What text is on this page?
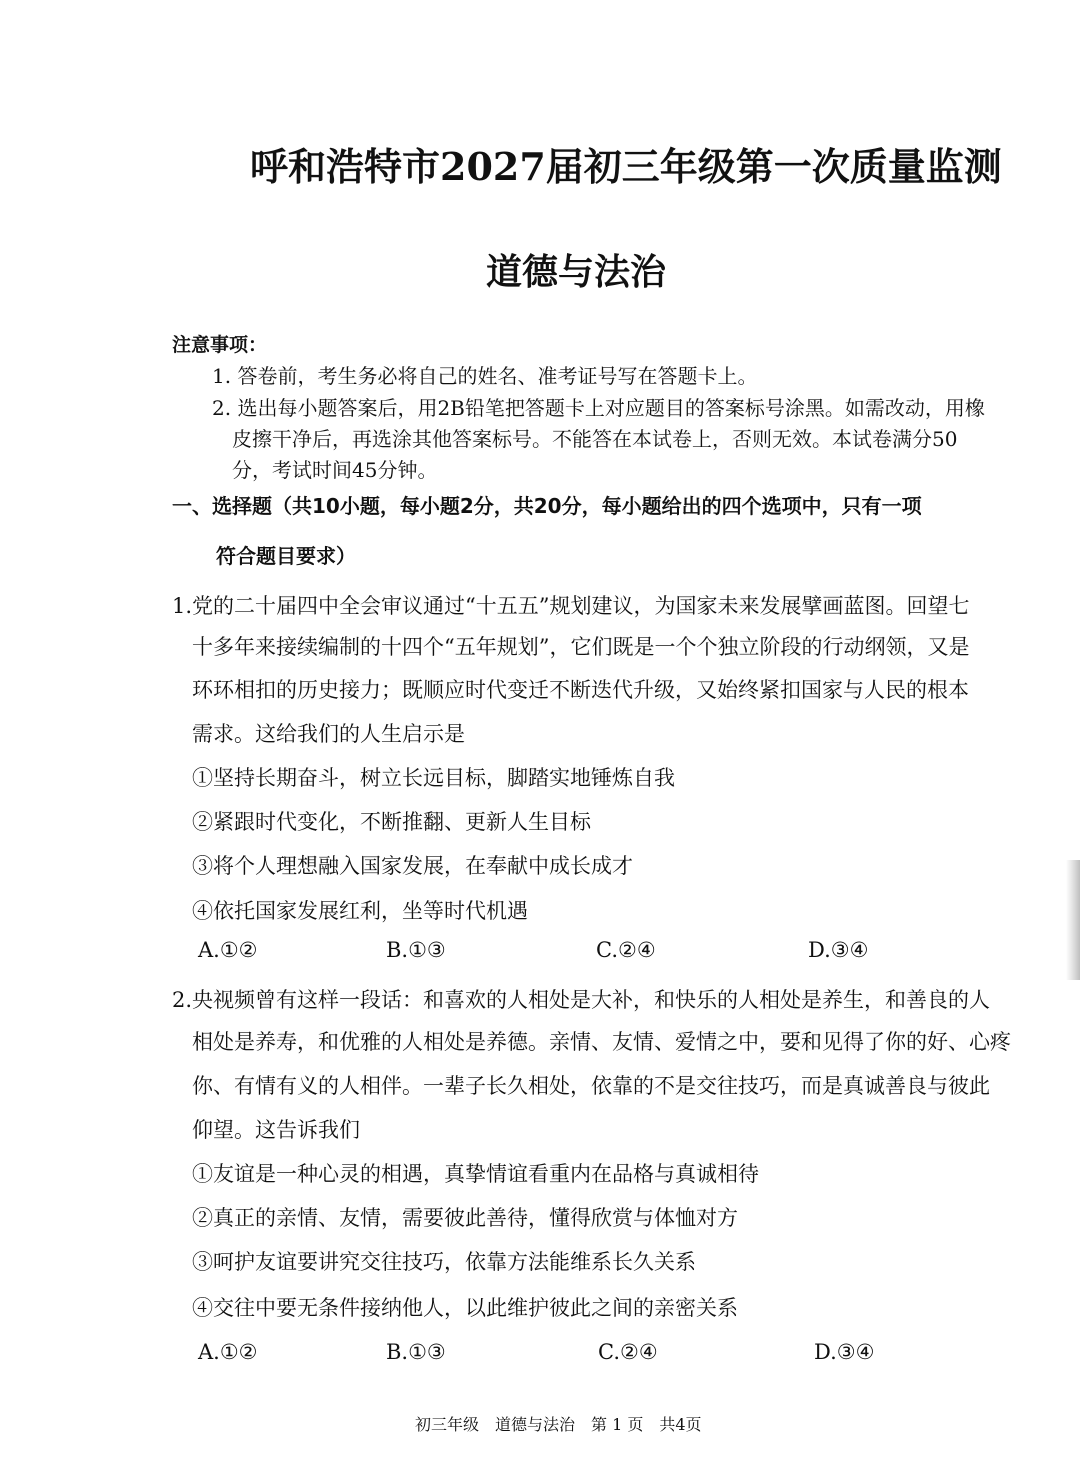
呼和浩特市2027届初三年级第一次质量监测
道德与法治
注意事项：
1. 答卷前，考生务必将自己的姓名、准考证号写在答题卡上。
2. 选出每小题答案后，用2B铅笔把答题卡上对应题目的答案标号涂黑。如需改动，用橡
皮擦干净后，再选涂其他答案标号。不能答在本试卷上，否则无效。本试卷满分50
分，考试时间45分钟。
一、选择题（共10小题，每小题2分，共20分，每小题给出的四个选项中，只有一项
符合题目要求）
1.党的二十届四中全会审议通过“十五五”规划建议，为国家未来发展擘画蓝图。回望七
十多年来接续编制的十四个“五年规划”，它们既是一个个独立阶段的行动纲领，又是
环环相扣的历史接力；既顺应时代变迁不断迭代升级，又始终紧扣国家与人民的根本
需求。这给我们的人生启示是
①坚持长期奋斗，树立长远目标，脚踏实地锤炼自我
②紧跟时代变化，不断推翻、更新人生目标
③将个人理想融入国家发展，在奉献中成长成才
④依托国家发展红利，坐等时代机遇
A.①②	B.①③	C.②④	D.③④
2.央视频曾有这样一段话：和喜欢的人相处是大补，和快乐的人相处是养生，和善良的人
相处是养寿，和优雅的人相处是养德。亲情、友情、爱情之中，要和见得了你的好、心疼
你、有情有义的人相伴。一辈子长久相处，依靠的不是交往技巧，而是真诚善良与彼此
仰望。这告诉我们
①友谊是一种心灵的相遇，真挚情谊看重内在品格与真诚相待
②真正的亲情、友情，需要彼此善待，懂得欣赏与体恤对方
③呵护友谊要讲究交往技巧，依靠方法能维系长久关系
④交往中要无条件接纳他人，以此维护彼此之间的亲密关系
A.①②	B.①③	C.②④	D.③④
初三年级　道德与法治　第 1 页　共4页
